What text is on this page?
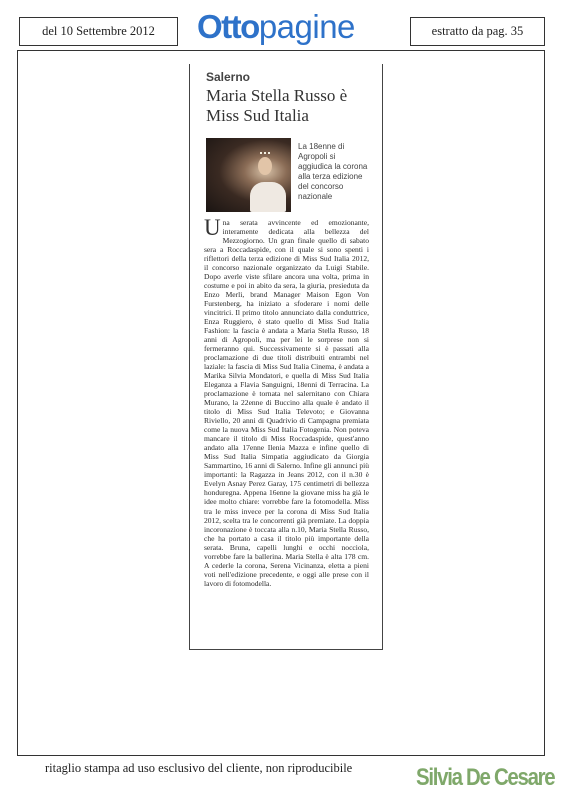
del 10 Settembre 2012	Ottopagine	estratto da pag. 35
Salerno
Maria Stella Russo è Miss Sud Italia
La 18enne di Agropoli si aggiudica la corona alla terza edizione del concorso nazionale
Una serata avvincente ed emozionante, interamente dedicata alla bellezza del Mezzogiorno. Un gran finale quello di sabato sera a Roccadaspide, con il quale si sono spenti i riflettori della terza edizione di Miss Sud Italia 2012, il concorso nazionale organizzato da Luigi Stabile. Dopo averle viste sfilare ancora una volta, prima in costume e poi in abito da sera, la giuria, presieduta da Enzo Merli, brand Manager Maison Egon Von Furstenberg, ha iniziato a sfoderare i nomi delle vincitrici. Il primo titolo annunciato dalla conduttrice, Enza Ruggiero, è stato quello di Miss Sud Italia Fashion: la fascia è andata a Maria Stella Russo, 18 anni di Agropoli, ma per lei le sorprese non si fermeranno qui. Successivamente si è passati alla proclamazione di due titoli distribuiti entrambi nel laziale: la fascia di Miss Sud Italia Cinema, è andata a Marika Silvia Mondatori, e quella di Miss Sud Italia Eleganza a Flavia Sanguigni, 18enni di Terracina. La proclamazione è tornata nel salernitano con Chiara Murano, la 22enne di Buccino alla quale è andato il titolo di Miss Sud Italia Televoto; e Giovanna Riviello, 20 anni di Quadrivio di Campagna premiata come la nuova Miss Sud Italia Fotogenia. Non poteva mancare il titolo di Miss Roccadaspide, quest'anno andato alla 17enne Ilenia Mazza e infine quello di Miss Sud Italia Simpatia aggiudicato da Giorgia Sammartino, 16 anni di Salerno. Infine gli annunci più importanti: la Ragazza in Jeans 2012, con il n.30 è Evelyn Asnay Perez Garay, 175 centimetri di bellezza honduregna. Appena 16enne la giovane miss ha già le idee molto chiare: vorrebbe fare la fotomodella. Miss tra le miss invece per la corona di Miss Sud Italia 2012, scelta tra le concorrenti già premiate. La doppia incoronazione è toccata alla n.10, Maria Stella Russo, che ha portato a casa il titolo più importante della serata. Bruna, capelli lunghi e occhi nocciola, vorrebbe fare la ballerina. Maria Stella è alta 178 cm. A cederle la corona, Serena Vicinanza, eletta a pieni voti nell'edizione precedente, e oggi alle prese con il lavoro di fotomodella.
ritaglio stampa ad uso esclusivo del cliente, non riproducibile	Silvia De Cesare
